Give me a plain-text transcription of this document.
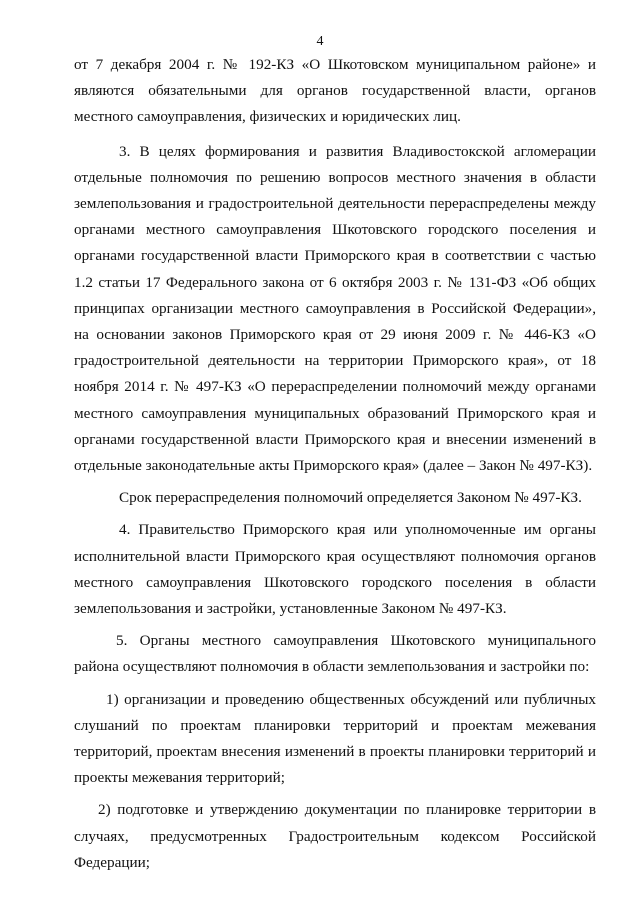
4

от 7 декабря 2004 г. № 192-КЗ «О Шкотовском муниципальном районе» и являются обязательными для органов государственной власти, органов местного самоуправления, физических и юридических лиц.

3. В целях формирования и развития Владивостокской агломерации отдельные полномочия по решению вопросов местного значения в области землепользования и градостроительной деятельности перераспределены между органами местного самоуправления Шкотовского городского поселения и органами государственной власти Приморского края в соответствии с частью 1.2 статьи 17 Федерального закона от 6 октября 2003 г. № 131-ФЗ «Об общих принципах организации местного самоуправления в Российской Федерации», на основании законов Приморского края от 29 июня 2009 г. № 446-КЗ «О градостроительной деятельности на территории Приморского края», от 18 ноября 2014 г. № 497-КЗ «О перераспределении полномочий между органами местного самоуправления муниципальных образований Приморского края и органами государственной власти Приморского края и внесении изменений в отдельные законодательные акты Приморского края» (далее – Закон № 497-КЗ).

Срок перераспределения полномочий определяется Законом № 497-КЗ.

4. Правительство Приморского края или уполномоченные им органы исполнительной власти Приморского края осуществляют полномочия органов местного самоуправления Шкотовского городского поселения в области землепользования и застройки, установленные Законом № 497-КЗ.

5. Органы местного самоуправления Шкотовского муниципального района осуществляют полномочия в области землепользования и застройки по:

1) организации и проведению общественных обсуждений или публичных слушаний по проектам планировки территорий и проектам межевания территорий, проектам внесения изменений в проекты планировки территорий и проекты межевания территорий;

2) подготовке и утверждению документации по планировке территории в случаях, предусмотренных Градостроительным кодексом Российской Федерации;
